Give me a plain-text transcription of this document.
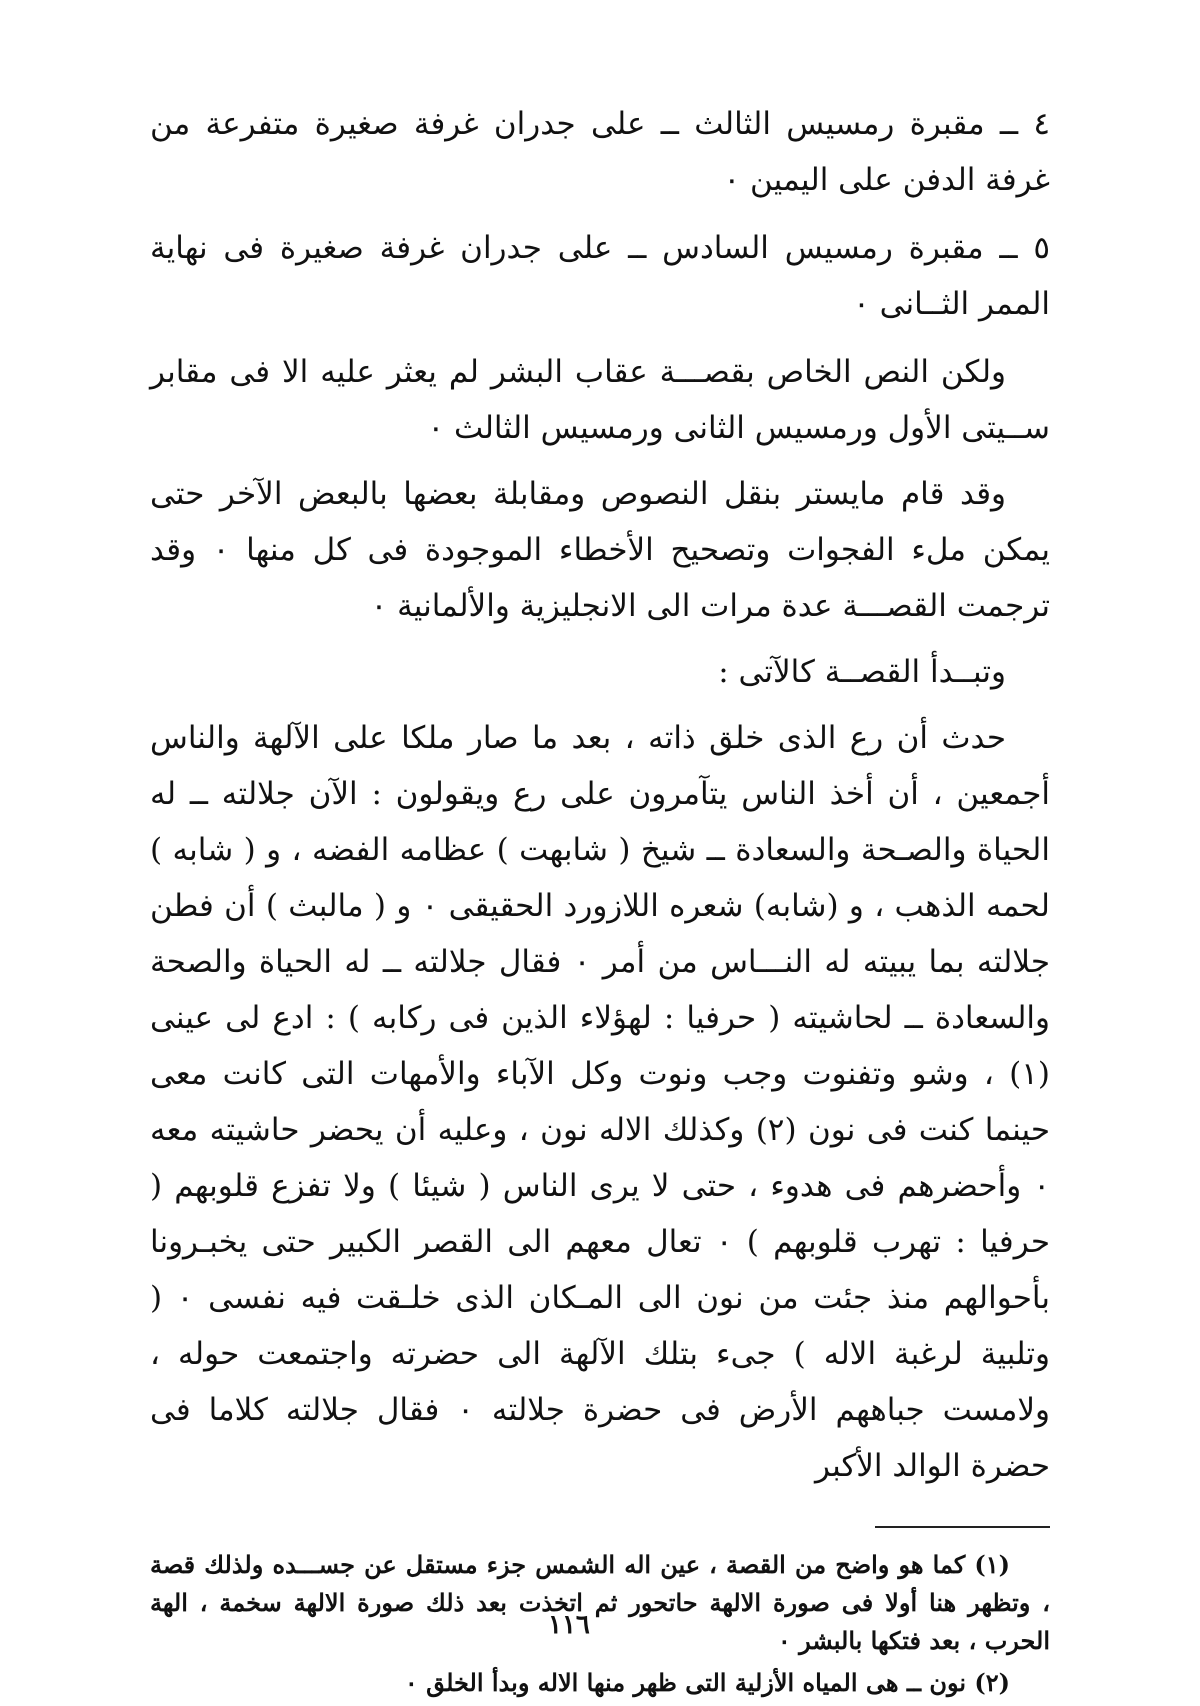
٤ ــ مقبرة رمسيس الثالث ــ على جدران غرفة صغيرة متفرعة من غرفة الدفن على اليمين ٠

٥ ــ مقبرة رمسيس السادس ــ على جدران غرفة صغيرة فى نهاية الممر الثــانى ٠

ولكن النص الخاص بقصـــة عقاب البشر لم يعثر عليه الا فى مقابر ســيتى الأول ورمسيس الثانى ورمسيس الثالث ٠

وقد قام مايستر بنقل النصوص ومقابلة بعضها بالبعض الآخر حتى يمكن ملء الفجوات وتصحيح الأخطاء الموجودة فى كل منها ٠ وقد ترجمت القصـــة عدة مرات الى الانجليزية والألمانية ٠

وتبــدأ القصــة كالآتى :

حدث أن رع الذى خلق ذاته ، بعد ما صار ملكا على الآلهة والناس أجمعين ، أن أخذ الناس يتآمرون على رع ويقولون : الآن جلالته ــ له الحياة والصـحة والسعادة ــ شيخ ( شابهت ) عظامه الفضه ، و ( شابه ) لحمه الذهب ، و (شابه) شعره اللازورد الحقيقى ٠ و ( مالبث ) أن فطن جلالته بما يبيته له النـــاس من أمر ٠ فقال جلالته ــ له الحياة والصحة والسعادة ــ لحاشيته ( حرفيا : لهؤلاء الذين فى ركابه ) : ادع لى عينى (١) ، وشو وتفنوت وجب ونوت وكل الآباء والأمهات التى كانت معى حينما كنت فى نون (٢) وكذلك الاله نون ، وعليه أن يحضر حاشيته معه ٠ وأحضرهم فى هدوء ، حتى لا يرى الناس ( شيئا ) ولا تفزع قلوبهم ( حرفيا : تهرب قلوبهم ) ٠ تعال معهم الى القصر الكبير حتى يخبـرونا بأحوالهم منذ جئت من نون الى المـكان الذى خلـقت فيه نفسى ٠ ( وتلبية لرغبة الاله ) جىء بتلك الآلهة الى حضرته واجتمعت حوله ، ولامست جباههم الأرض فى حضرة جلالته ٠ فقال جلالته كلاما فى حضرة الوالد الأكبر

(١) كما هو واضح من القصة ، عين اله الشمس جزء مستقل عن جســـده ولذلك قصة ، وتظهر هنا أولا فى صورة الالهة حاتحور ثم اتخذت بعد ذلك صورة الالهة سخمة ، الهة الحرب ، بعد فتكها بالبشر ٠

(٢) نون ــ هى المياه الأزلية التى ظهر منها الاله وبدأ الخلق ٠

١١٦
